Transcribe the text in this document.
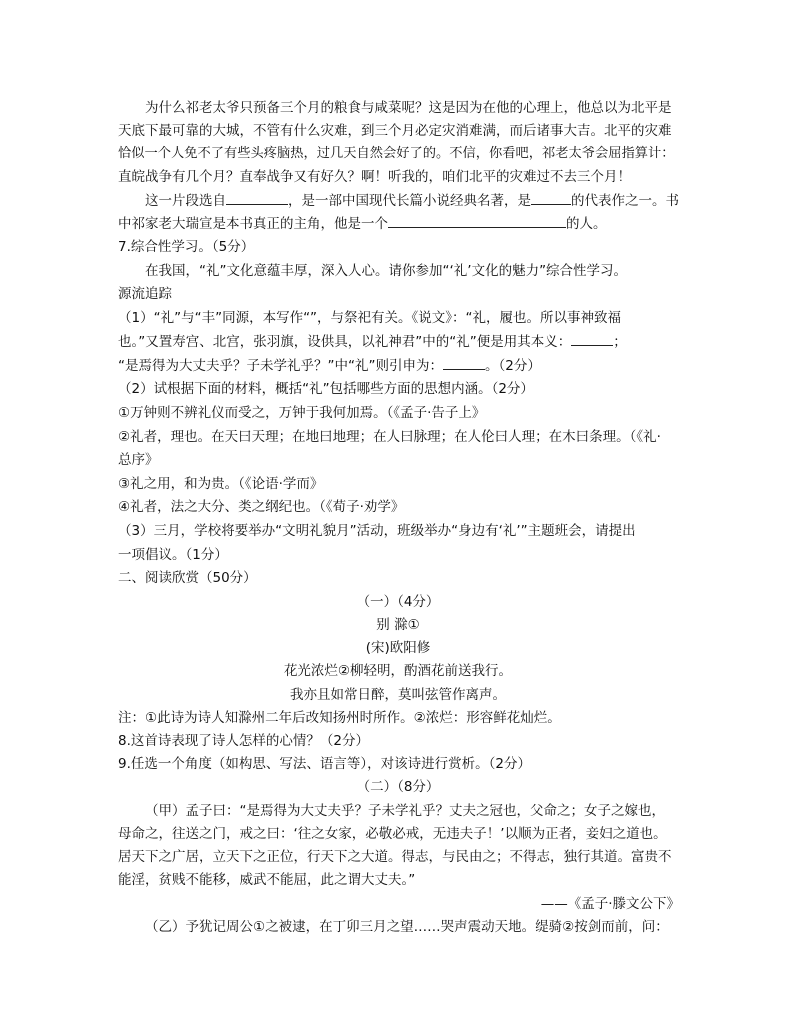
为什么祁老太爷只预备三个月的粮食与咸菜呢？这是因为在他的心理上，他总以为北平是
天底下最可靠的大城，不管有什么灾难，到三个月必定灾消难满，而后诸事大吉。北平的灾难
恰似一个人免不了有些头疼脑热，过几天自然会好了的。不信，你看吧，祁老太爷会屈指算计：
直皖战争有几个月？直奉战争又有好久？啊！听我的，咱们北平的灾难过不去三个月！
这一片段选自	，是一部中国现代长篇小说经典名著，是	的代表作之一。书
中祁家老大瑞宣是本书真正的主角，他是一个	的人。
7.综合性学习。（5分）
在我国，“礼”文化意蕴丰厚，深入人心。请你参加“‘礼’文化的魅力”综合性学习。
源流追踪
（1）“礼”与“丰”同源，本写作“”，与祭祀有关。《说文》：“礼，履也。所以事神致福
也。”又置寿宫、北宫，张羽旗，设供具，以礼神君”中的“礼”便是用其本义：	；
“是焉得为大丈夫乎？子未学礼乎？”中“礼”则引申为：	。（2分）
（2）试根据下面的材料，概括“礼”包括哪些方面的思想内涵。（2分）
①万钟则不辨礼仪而受之，万钟于我何加焉。（《孟子·告子上》
②礼者，理也。在天曰天理；在地曰地理；在人曰脉理；在人伦曰人理；在木曰条理。（《礼·
总序》
③礼之用，和为贵。（《论语·学而》
④礼者，法之大分、类之纲纪也。（《荀子·劝学》
（3）三月，学校将要举办“文明礼貌月”活动，班级举办“身边有‘礼’”主题班会，请提出
一项倡议。（1分）
二、阅读欣赏（50分）
（一）（4分）
别 滁①
(宋)欧阳修
花光浓烂②柳轻明，酌酒花前送我行。
我亦且如常日醉，莫叫弦管作离声。
注：①此诗为诗人知滁州二年后改知扬州时所作。②浓烂：形容鲜花灿烂。
8.这首诗表现了诗人怎样的心情？（2分）
9.任选一个角度（如构思、写法、语言等），对该诗进行赏析。（2分）
（二）（8分）
（甲）孟子曰：“是焉得为大丈夫乎？子未学礼乎？丈夫之冠也，父命之；女子之嫁也，
母命之，往送之门，戒之曰：‘往之女家，必敬必戒，无违夫子！’以顺为正者，妾妇之道也。
居天下之广居，立天下之正位，行天下之大道。得志，与民由之；不得志，独行其道。富贵不
能淫，贫贱不能移，威武不能屈，此之谓大丈夫。”
——《孟子·滕文公下》
（乙）予犹记周公①之被逮，在丁卯三月之望……哭声震动天地。缇骑②按剑而前，问：
